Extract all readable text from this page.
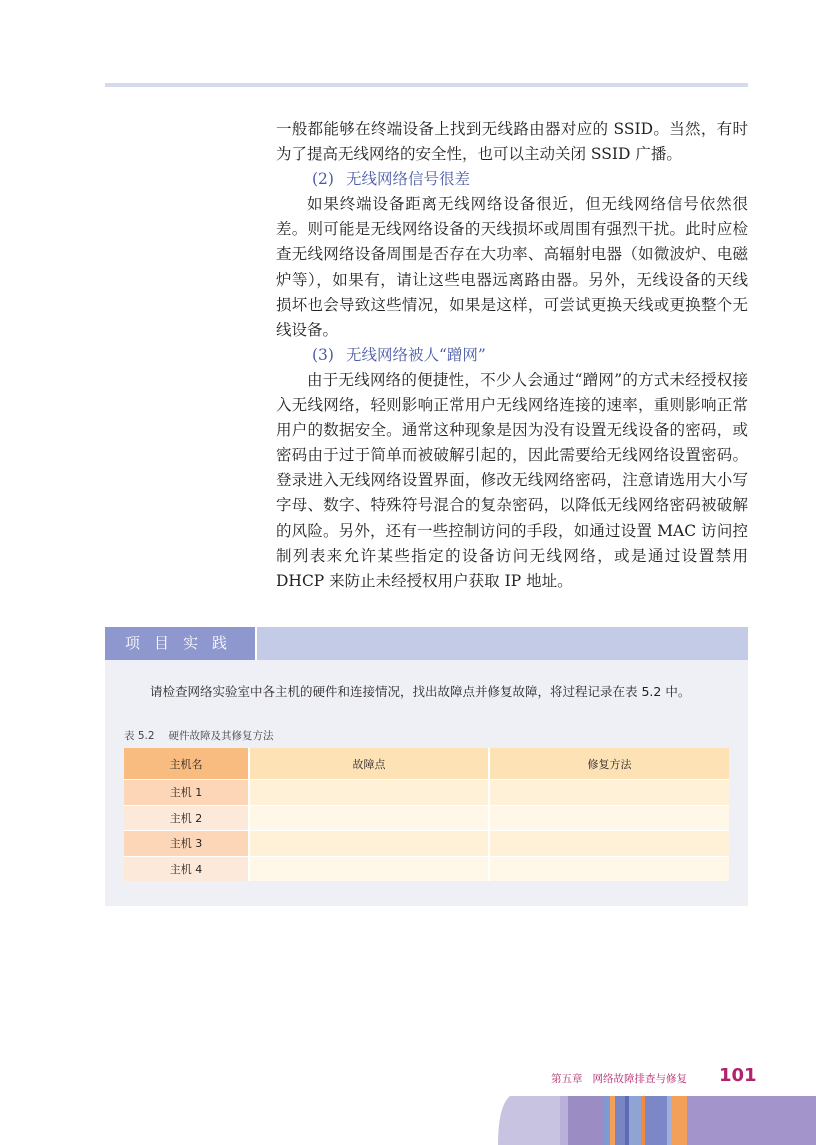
一般都能够在终端设备上找到无线路由器对应的 SSID。当然，有时为了提高无线网络的安全性，也可以主动关闭 SSID 广播。

(2) 无线网络信号很差

如果终端设备距离无线网络设备很近，但无线网络信号依然很差。则可能是无线网络设备的天线损坏或周围有强烈干扰。此时应检查无线网络设备周围是否存在大功率、高辐射电器（如微波炉、电磁炉等），如果有，请让这些电器远离路由器。另外，无线设备的天线损坏也会导致这些情况，如果是这样，可尝试更换天线或更换整个无线设备。

(3) 无线网络被人“蹭网”

由于无线网络的便捷性，不少人会通过“蹭网”的方式未经授权接入无线网络，轻则影响正常用户无线网络连接的速率，重则影响正常用户的数据安全。通常这种现象是因为没有设置无线设备的密码，或密码由于过于简单而被破解引起的，因此需要给无线网络设置密码。登录进入无线网络设置界面，修改无线网络密码，注意请选用大小写字母、数字、特殊符号混合的复杂密码，以降低无线网络密码被破解的风险。另外，还有一些控制访问的手段，如通过设置 MAC 访问控制列表来允许某些指定的设备访问无线网络，或是通过设置禁用 DHCP 来防止未经授权用户获取 IP 地址。

项目实践
请检查网络实验室中各主机的硬件和连接情况，找出故障点并修复故障，将过程记录在表 5.2 中。
表 5.2 硬件故障及其修复方法
主机名	故障点	修复方法
主机 1		
主机 2		
主机 3		
主机 4		
第五章 网络故障排查与修复 101
